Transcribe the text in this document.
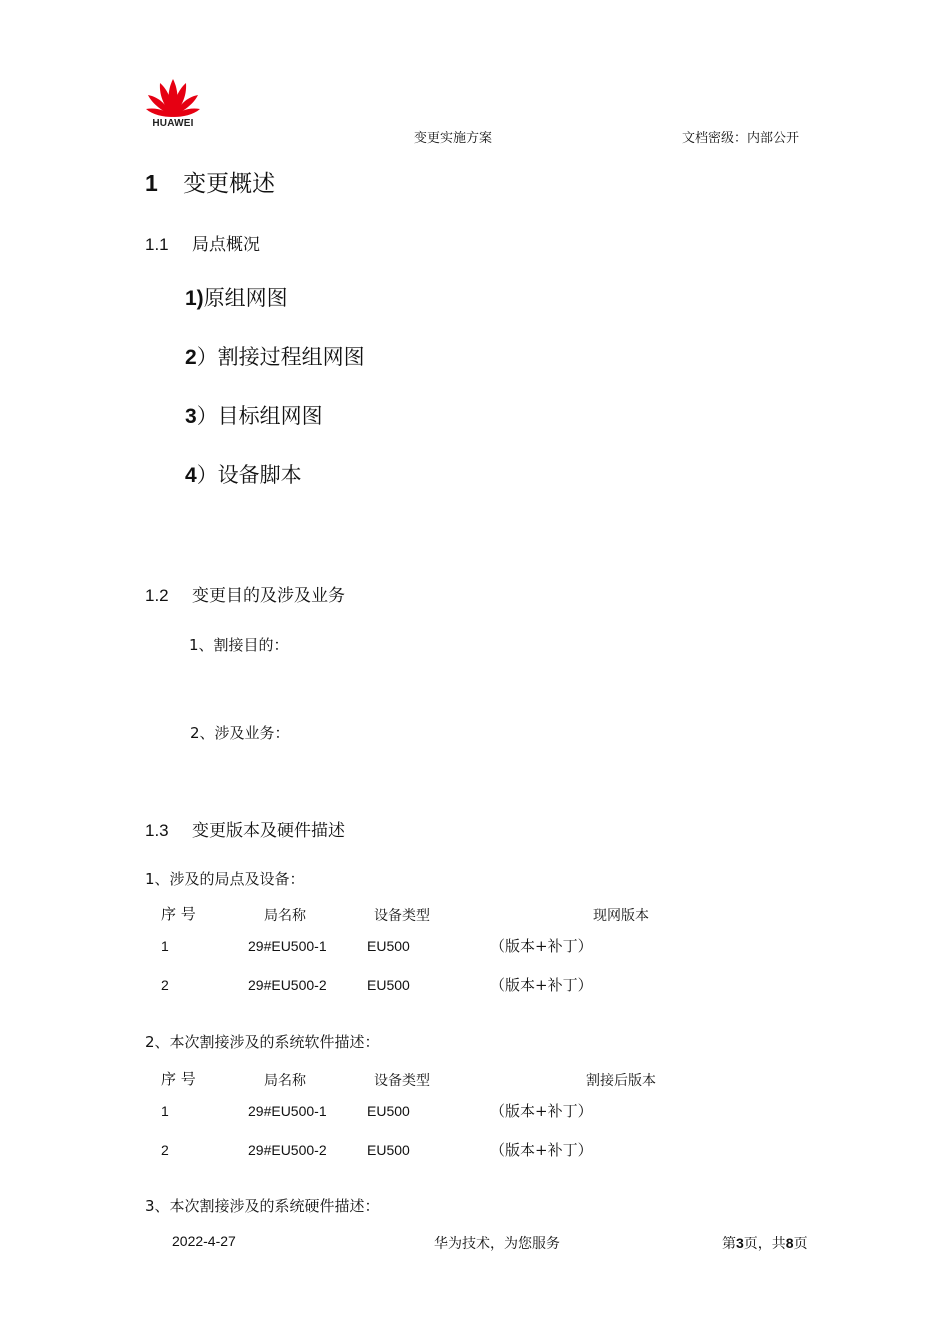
HUAWEI
变更实施方案	文档密级：内部公开
1 变更概述
1.1 局点概况
1)原组网图
2）割接过程组网图
3）目标组网图
4）设备脚本
1.2 变更目的及涉及业务
1、割接目的：
2、涉及业务：
1.3 变更版本及硬件描述
1、涉及的局点及设备：
序 号	局名称	设备类型	现网版本
1	29#EU500-1	EU500	（版本+补丁）
2	29#EU500-2	EU500	（版本+补丁）
2、本次割接涉及的系统软件描述：
序 号	局名称	设备类型	割接后版本
1	29#EU500-1	EU500	（版本+补丁）
2	29#EU500-2	EU500	（版本+补丁）
3、本次割接涉及的系统硬件描述：
2022-4-27	华为技术，为您服务	第3页，共8页
